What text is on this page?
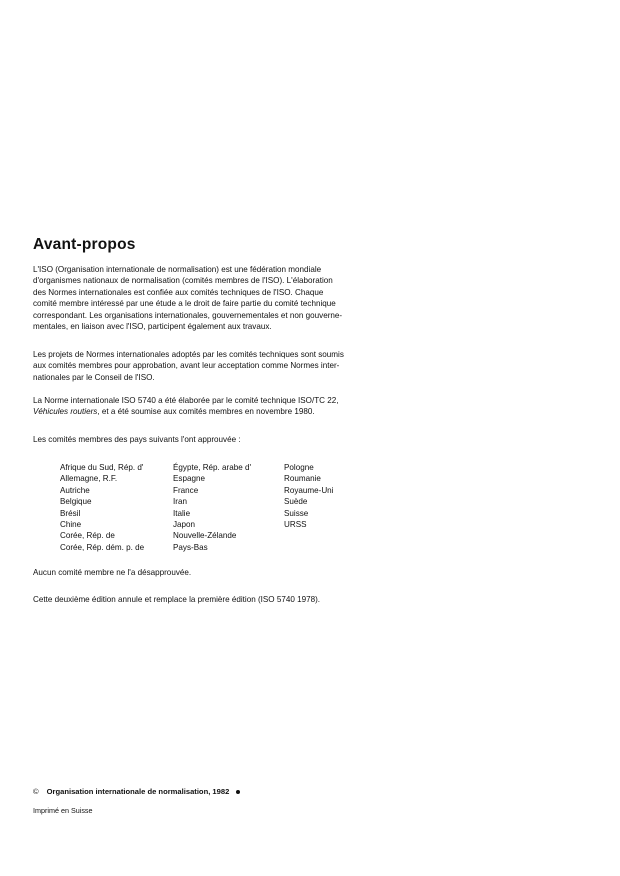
Avant-propos

L'ISO (Organisation internationale de normalisation) est une fédération mondiale
d'organismes nationaux de normalisation (comités membres de l'ISO). L'élaboration
des Normes internationales est confiée aux comités techniques de l'ISO. Chaque
comité membre intéressé par une étude a le droit de faire partie du comité technique
correspondant. Les organisations internationales, gouvernementales et non gouverne-
mentales, en liaison avec l'ISO, participent également aux travaux.

Les projets de Normes internationales adoptés par les comités techniques sont soumis
aux comités membres pour approbation, avant leur acceptation comme Normes inter-
nationales par le Conseil de l'ISO.

La Norme internationale ISO 5740 a été élaborée par le comité technique ISO/TC 22,
Véhicules routiers, et a été soumise aux comités membres en novembre 1980.

Les comités membres des pays suivants l'ont approuvée :

Afrique du Sud, Rép. d'
Allemagne, R.F.
Autriche
Belgique
Brésil
Chine
Corée, Rép. de
Corée, Rép. dém. p. de
Égypte, Rép. arabe d'
Espagne
France
Iran
Italie
Japon
Nouvelle-Zélande
Pays-Bas
Pologne
Roumanie
Royaume-Uni
Suède
Suisse
URSS

Aucun comité membre ne l'a désapprouvée.

Cette deuxième édition annule et remplace la première édition (ISO 5740 1978).

© Organisation internationale de normalisation, 1982
Imprimé en Suisse
